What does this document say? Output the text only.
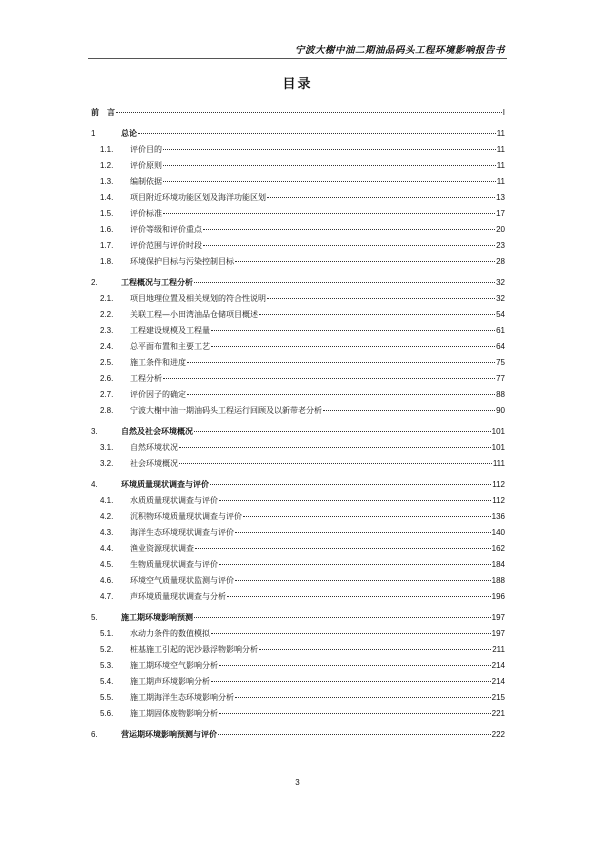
宁波大榭中油二期油品码头工程环境影响报告书
目录
前　言	I
1	总论	11
1.1.	评价目的	11
1.2.	评价原则	11
1.3.	编制依据	11
1.4.	项目附近环境功能区划及海洋功能区划	13
1.5.	评价标准	17
1.6.	评价等级和评价重点	20
1.7.	评价范围与评价时段	23
1.8.	环境保护目标与污染控制目标	28
2.	工程概况与工程分析	32
2.1.	项目地理位置及相关规划的符合性说明	32
2.2.	关联工程—小田湾油品仓储项目概述	54
2.3.	工程建设规模及工程量	61
2.4.	总平面布置和主要工艺	64
2.5.	施工条件和进度	75
2.6.	工程分析	77
2.7.	评价因子的确定	88
2.8.	宁波大榭中油一期油码头工程运行回顾及以新带老分析	90
3.	自然及社会环境概况	101
3.1.	自然环境状况	101
3.2.	社会环境概况	111
4.	环境质量现状调查与评价	112
4.1.	水质质量现状调查与评价	112
4.2.	沉积物环境质量现状调查与评价	136
4.3.	海洋生态环境现状调查与评价	140
4.4.	渔业资源现状调查	162
4.5.	生物质量现状调查与评价	184
4.6.	环境空气质量现状监测与评价	188
4.7.	声环境质量现状调查与分析	196
5.	施工期环境影响预测	197
5.1.	水动力条件的数值模拟	197
5.2.	桩基施工引起的泥沙悬浮物影响分析	211
5.3.	施工期环境空气影响分析	214
5.4.	施工期声环境影响分析	214
5.5.	施工期海洋生态环境影响分析	215
5.6.	施工期固体废物影响分析	221
6.	营运期环境影响预测与评价	222
3
